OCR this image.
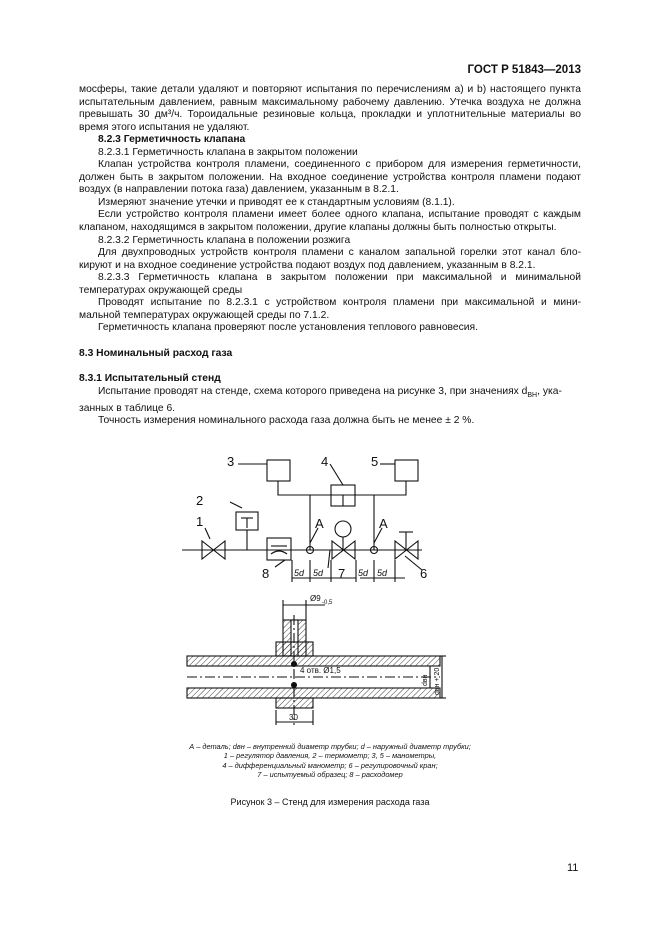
ГОСТ Р 51843—2013

мосферы, такие детали удаляют и повторяют испытания по перечислениям а) и b) настоящего пункта

испытательным давлением, равным максимальному рабочему давлению. Утечка воздуха не должна

превышать 30 дм³/ч. Тороидальные резиновые кольца, прокладки и уплотнительные материалы во

время этого испытания не удаляют.

8.2.3 Герметичность клапана

8.2.3.1 Герметичность клапана в закрытом положении

Клапан устройства контроля пламени, соединенного с прибором для измерения герметичности,

должен быть в закрытом положении. На входное соединение устройства контроля пламени подают

воздух (в направлении потока газа) давлением, указанным в 8.2.1.

Измеряют значение утечки и приводят ее к стандартным условиям (8.1.1).

Если устройство контроля пламени имеет более одного клапана, испытание проводят с каждым

клапаном, находящимся в закрытом положении, другие клапаны должны быть полностью открыты.

8.2.3.2 Герметичность клапана в положении розжига

Для двухпроводных устройств контроля пламени с каналом запальной горелки этот канал бло-

кируют и на входное соединение устройства подают воздух под давлением, указанным в 8.2.1.

8.2.3.3 Герметичность клапана в закрытом положении при максимальной и минимальной

температурах окружающей среды

Проводят испытание по 8.2.3.1 с устройством контроля пламени при максимальной и мини-

мальной температурах окружающей среды по 7.1.2.

Герметичность клапана проверяют после установления теплового равновесия.

8.3 Номинальный расход газа

8.3.1 Испытательный стенд

Испытание проводят на стенде, схема которого приведена на рисунке 3, при значениях $d_{ВН}$, ука-

занных в таблице 6.

Точность измерения номинального расхода газа должна быть не менее ± 2 %.

3	4	5
2
1
8	7	6
А	А
5d 5d	5d 5d
Ø9 -0,5
4 отв. Ø1,5
30
dвн dвн + 20
А – деталь; dвн – внутренний диаметр трубки; d – наружный диаметр трубки;
1 – регулятор давления, 2 – термометр; 3, 5 – манометры,
4 – дифференциальный манометр; 6 – регулировочный кран;
7 – испытуемый образец; 8 – расходомер
Рисунок 3 – Стенд для измерения расхода газа
11
